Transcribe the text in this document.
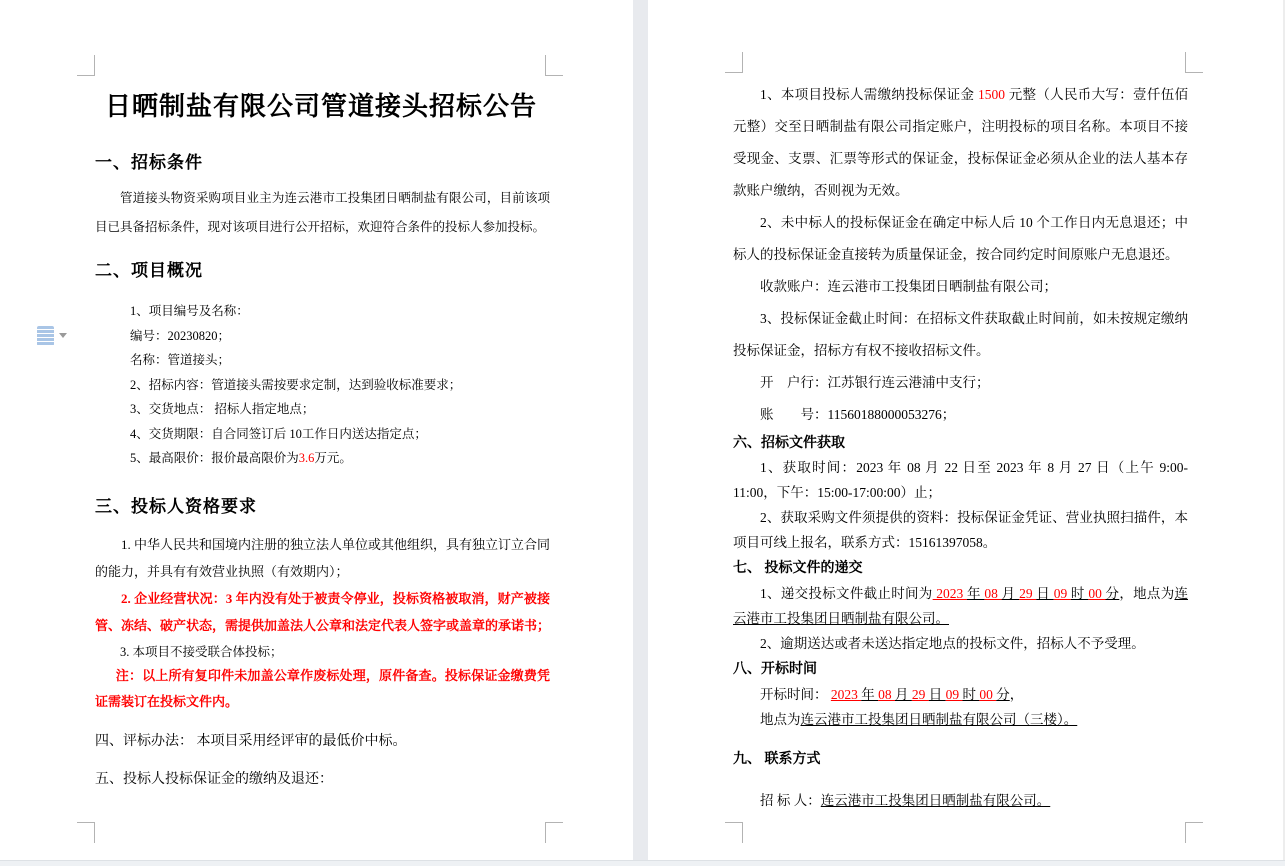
日晒制盐有限公司管道接头招标公告
一、招标条件

管道接头物资采购项目业主为连云港市工投集团日晒制盐有限公司，目前该项目已具备招标条件，现对该项目进行公开招标，欢迎符合条件的投标人参加投标。

二、项目概况
1、项目编号及名称：
编号：20230820；
名称：管道接头；
2、招标内容：管道接头需按要求定制，达到验收标准要求；
3、交货地点： 招标人指定地点；
4、交货期限：自合同签订后 10工作日内送达指定点；
5、最高限价：报价最高限价为3.6万元。
三、投标人资格要求

1. 中华人民共和国境内注册的独立法人单位或其他组织，具有独立订立合同的能力，并具有有效营业执照（有效期内）；

2. 企业经营状况：3 年内没有处于被责令停业，投标资格被取消，财产被接管、冻结、破产状态，需提供加盖法人公章和法定代表人签字或盖章的承诺书；

3. 本项目不接受联合体投标；

注：以上所有复印件未加盖公章作废标处理，原件备查。投标保证金缴费凭证需装订在投标文件内。

四、评标办法： 本项目采用经评审的最低价中标。

五、投标人投标保证金的缴纳及退还：

1、本项目投标人需缴纳投标保证金 1500 元整（人民币大写：壹仟伍佰元整）交至日晒制盐有限公司指定账户，注明投标的项目名称。本项目不接受现金、支票、汇票等形式的保证金，投标保证金必须从企业的法人基本存款账户缴纳，否则视为无效。

2、未中标人的投标保证金在确定中标人后 10 个工作日内无息退还；中标人的投标保证金直接转为质量保证金，按合同约定时间原账户无息退还。

收款账户：连云港市工投集团日晒制盐有限公司；

3、投标保证金截止时间：在招标文件获取截止时间前，如未按规定缴纳投标保证金，招标方有权不接收招标文件。

开　户行：江苏银行连云港浦中支行；

账　　号：11560188000053276；

六、招标文件获取

1、获取时间：2023 年 08 月 22 日至 2023 年 8 月 27 日（上午 9:00-11:00，下午：15:00-17:00:00）止；

2、获取采购文件须提供的资料：投标保证金凭证、营业执照扫描件，本项目可线上报名，联系方式：15161397058。

七、 投标文件的递交

1、递交投标文件截止时间为 2023 年 08 月 29 日 09 时 00 分，地点为连云港市工投集团日晒制盐有限公司。

2、逾期送达或者未送达指定地点的投标文件，招标人不予受理。

八、开标时间

开标时间： 2023 年 08 月 29 日 09 时 00 分，

地点为连云港市工投集团日晒制盐有限公司（三楼）。

九、 联系方式

招 标 人：连云港市工投集团日晒制盐有限公司。
